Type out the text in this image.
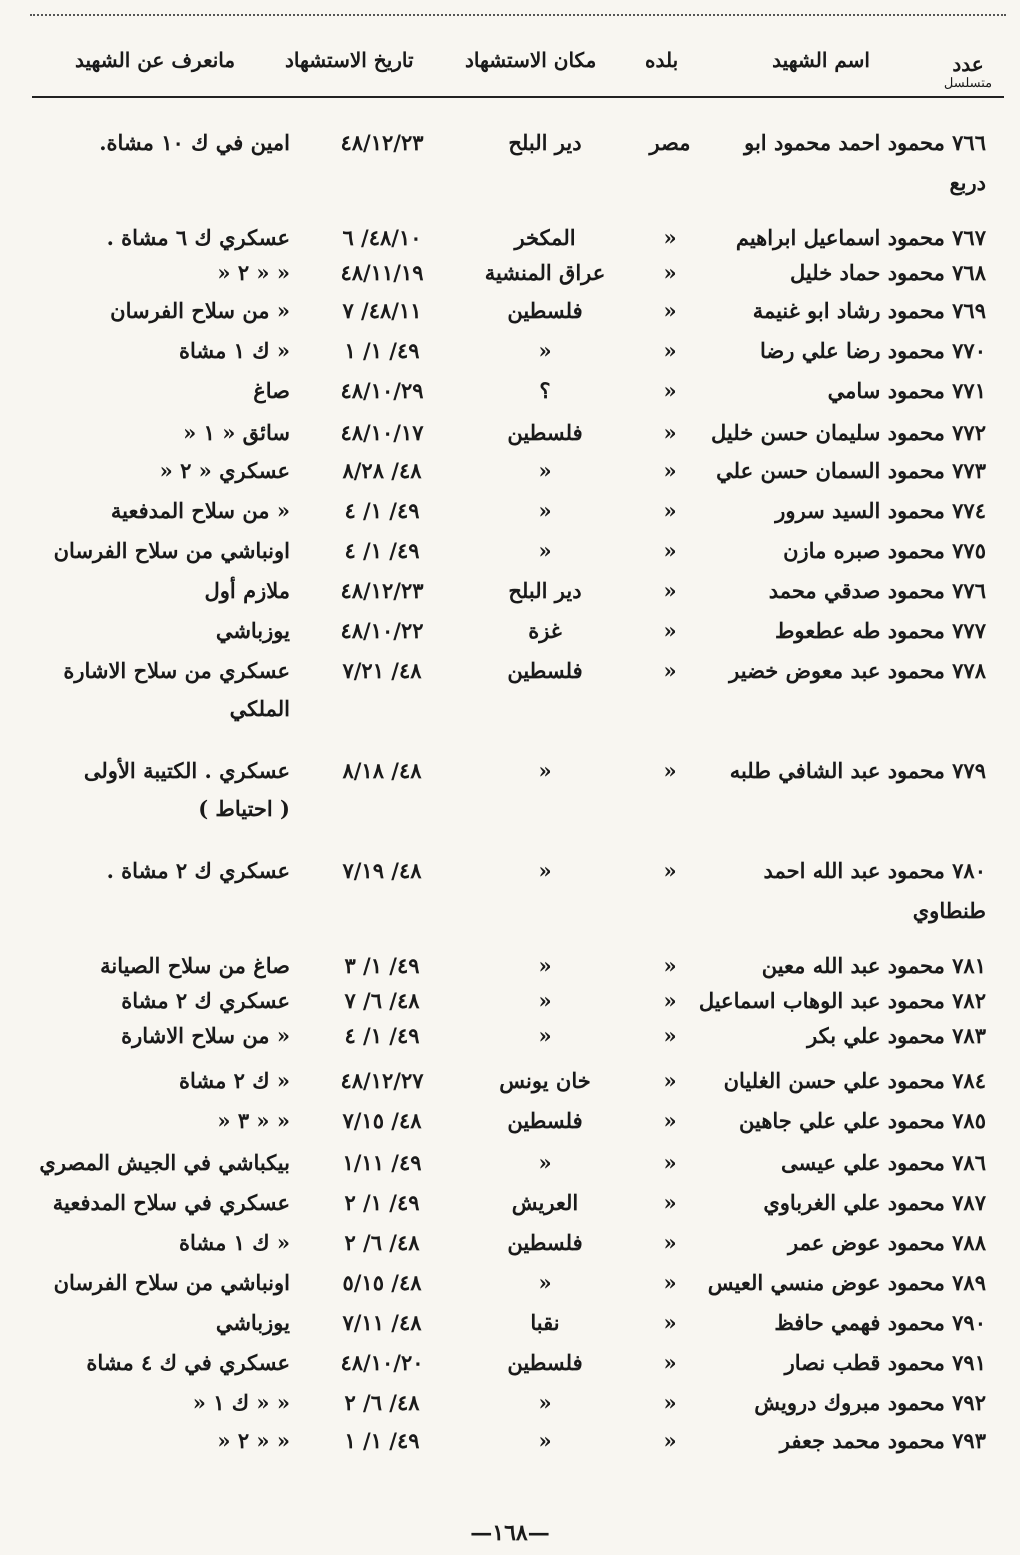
عدد
متسلسل
اسم الشهيد
بلده
مكان الاستشهاد
تاريخ الاستشهاد
مانعرف عن الشهيد
٧٦٦ محمود احمد محمود ابو
دربع
مصر
دير البلح
٤٨/١٢/٢٣
امين في ك ١٠ مشاة.
٧٦٧ محمود اسماعيل ابراهيم
«
المكخر
٤٨/١٠/ ٦
عسكري ك ٦ مشاة .
٧٦٨ محمود حماد خليل
«
عراق المنشية
٤٨/١١/١٩
« « ٢ «
٧٦٩ محمود رشاد ابو غنيمة
«
فلسطين
٤٨/١١/ ٧
« من سلاح الفرسان
٧٧٠ محمود رضا علي رضا
«
«
٤٩/ ١/ ١
« ك ١ مشاة
٧٧١ محمود سامي
«
؟
٤٨/١٠/٢٩
صاغ
٧٧٢ محمود سليمان حسن خليل
«
فلسطين
٤٨/١٠/١٧
سائق « ١ «
٧٧٣ محمود السمان حسن علي
«
«
٤٨/ ٨/٢٨
عسكري « ٢ «
٧٧٤ محمود السيد سرور
«
«
٤٩/ ١/ ٤
« من سلاح المدفعية
٧٧٥ محمود صبره مازن
«
«
٤٩/ ١/ ٤
اونباشي من سلاح الفرسان
٧٧٦ محمود صدقي محمد
«
دير البلح
٤٨/١٢/٢٣
ملازم أول
٧٧٧ محمود طه عطعوط
«
غزة
٤٨/١٠/٢٢
يوزباشي
٧٧٨ محمود عبد معوض خضير
«
فلسطين
٤٨/ ٧/٢١
عسكري من سلاح الاشارة
الملكي
٧٧٩ محمود عبد الشافي طلبه
«
«
٤٨/ ٨/١٨
عسكري . الكتيبة الأولى
( احتياط )
٧٨٠ محمود عبد الله احمد
طنطاوي
«
«
٤٨/ ٧/١٩
عسكري ك ٢ مشاة .
٧٨١ محمود عبد الله معين
«
«
٤٩/ ١/ ٣
صاغ من سلاح الصيانة
٧٨٢ محمود عبد الوهاب اسماعيل
«
«
٤٨/ ٦/ ٧
عسكري ك ٢ مشاة
٧٨٣ محمود علي بكر
«
«
٤٩/ ١/ ٤
« من سلاح الاشارة
٧٨٤ محمود علي حسن الغليان
«
خان يونس
٤٨/١٢/٢٧
« ك ٢ مشاة
٧٨٥ محمود علي علي جاهين
«
فلسطين
٤٨/ ٧/١٥
« « ٣ «
٧٨٦ محمود علي عيسى
«
«
٤٩/ ١/١١
بيكباشي في الجيش المصري
٧٨٧ محمود علي الغرباوي
«
العريش
٤٩/ ١/ ٢
عسكري في سلاح المدفعية
٧٨٨ محمود عوض عمر
«
فلسطين
٤٨/ ٦/ ٢
« ك ١ مشاة
٧٨٩ محمود عوض منسي العيس
«
«
٤٨/ ٥/١٥
اونباشي من سلاح الفرسان
٧٩٠ محمود فهمي حافظ
«
نقبا
٤٨/ ٧/١١
يوزباشي
٧٩١ محمود قطب نصار
«
فلسطين
٤٨/١٠/٢٠
عسكري في ك ٤ مشاة
٧٩٢ محمود مبروك درويش
«
«
٤٨/ ٦/ ٢
« « ك ١ «
٧٩٣ محمود محمد جعفر
«
«
٤٩/ ١/ ١
« « ٢ «
—١٦٨—
